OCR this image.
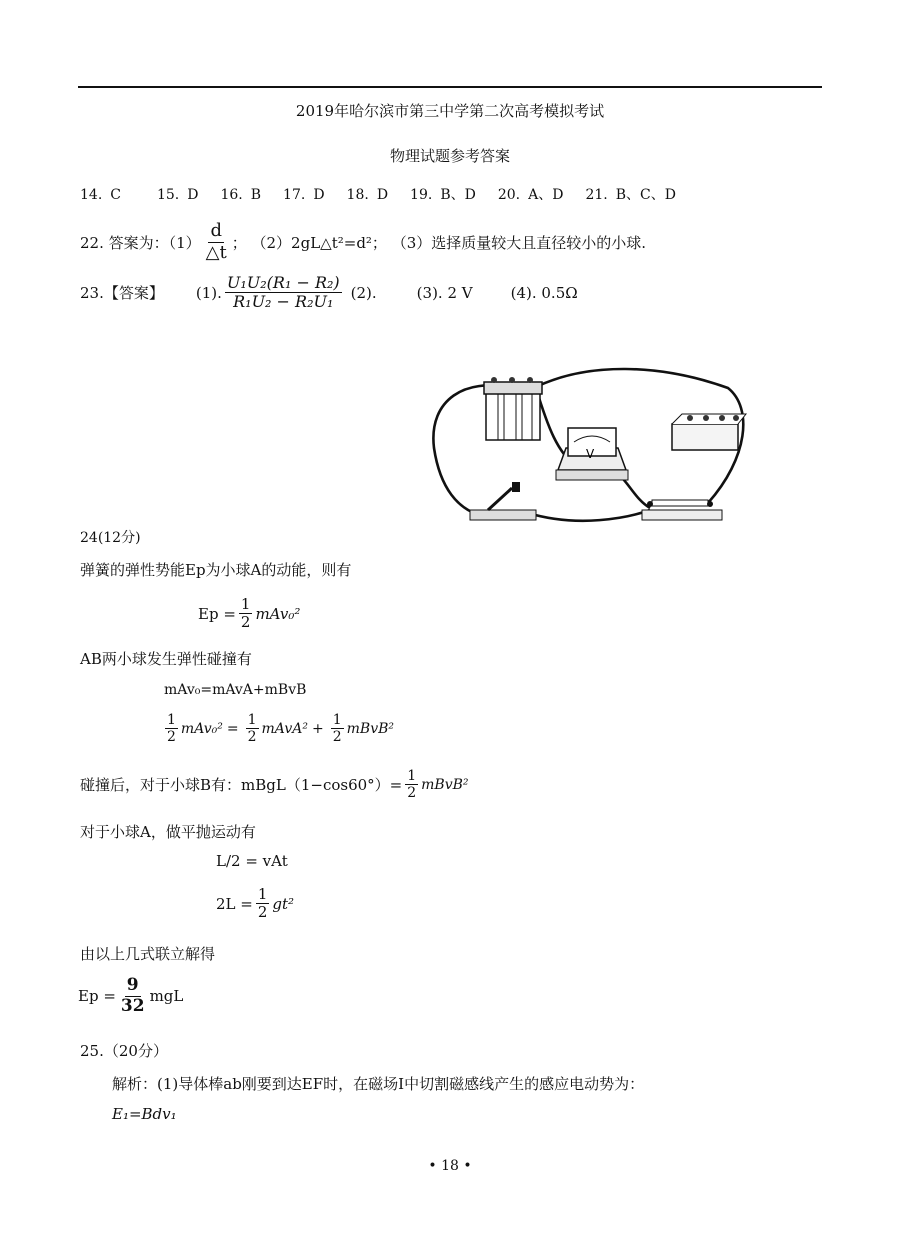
2019年哈尔滨市第三中学第二次高考模拟考试
物理试题参考答案
14. C	15. D 16. B 17. D 18. D 19. B、D 20. A、D 21. B、C、D
22. 答案为：$(1) \frac{d}{\triangle t}$ ； （2）2gL△t²=d²； （3）选择质量较大且直径较小的小球.
23.【答案】 (1). $\frac{\text{U₁U₂(R₁ − R₂)}}{\text{R₁U₂ − R₂U₁}} (2)$.	(3). 2 V	(4). 0.5Ω
V
24(12分)
弹簧的弹性势能Ep为小球A的动能，则有
$Ep = \frac{1}{2} mAv_0^2$
AB两小球发生弹性碰撞有
mAv₀=mAvA+mBvB
$\frac{1}{2} mAv_0^2 = \frac{1}{2}$ mAvA² + $\frac{1}{2}$ mBvB²
碰撞后，对于小球B有：mBgL（1−cos60°）= $\frac{1}{2}$ mBvB²
对于小球A，做平抛运动有
L/2 = vAt
$2L = \frac{1}{2} gt^2$
由以上几式联立解得
$Ep = \frac{9}{32}$ mgL
25.（20分）
解析：(1)导体棒ab刚要到达EF时，在磁场Ⅰ中切割磁感线产生的感应电动势为：
E₁=Bdv₁
• 18 •
